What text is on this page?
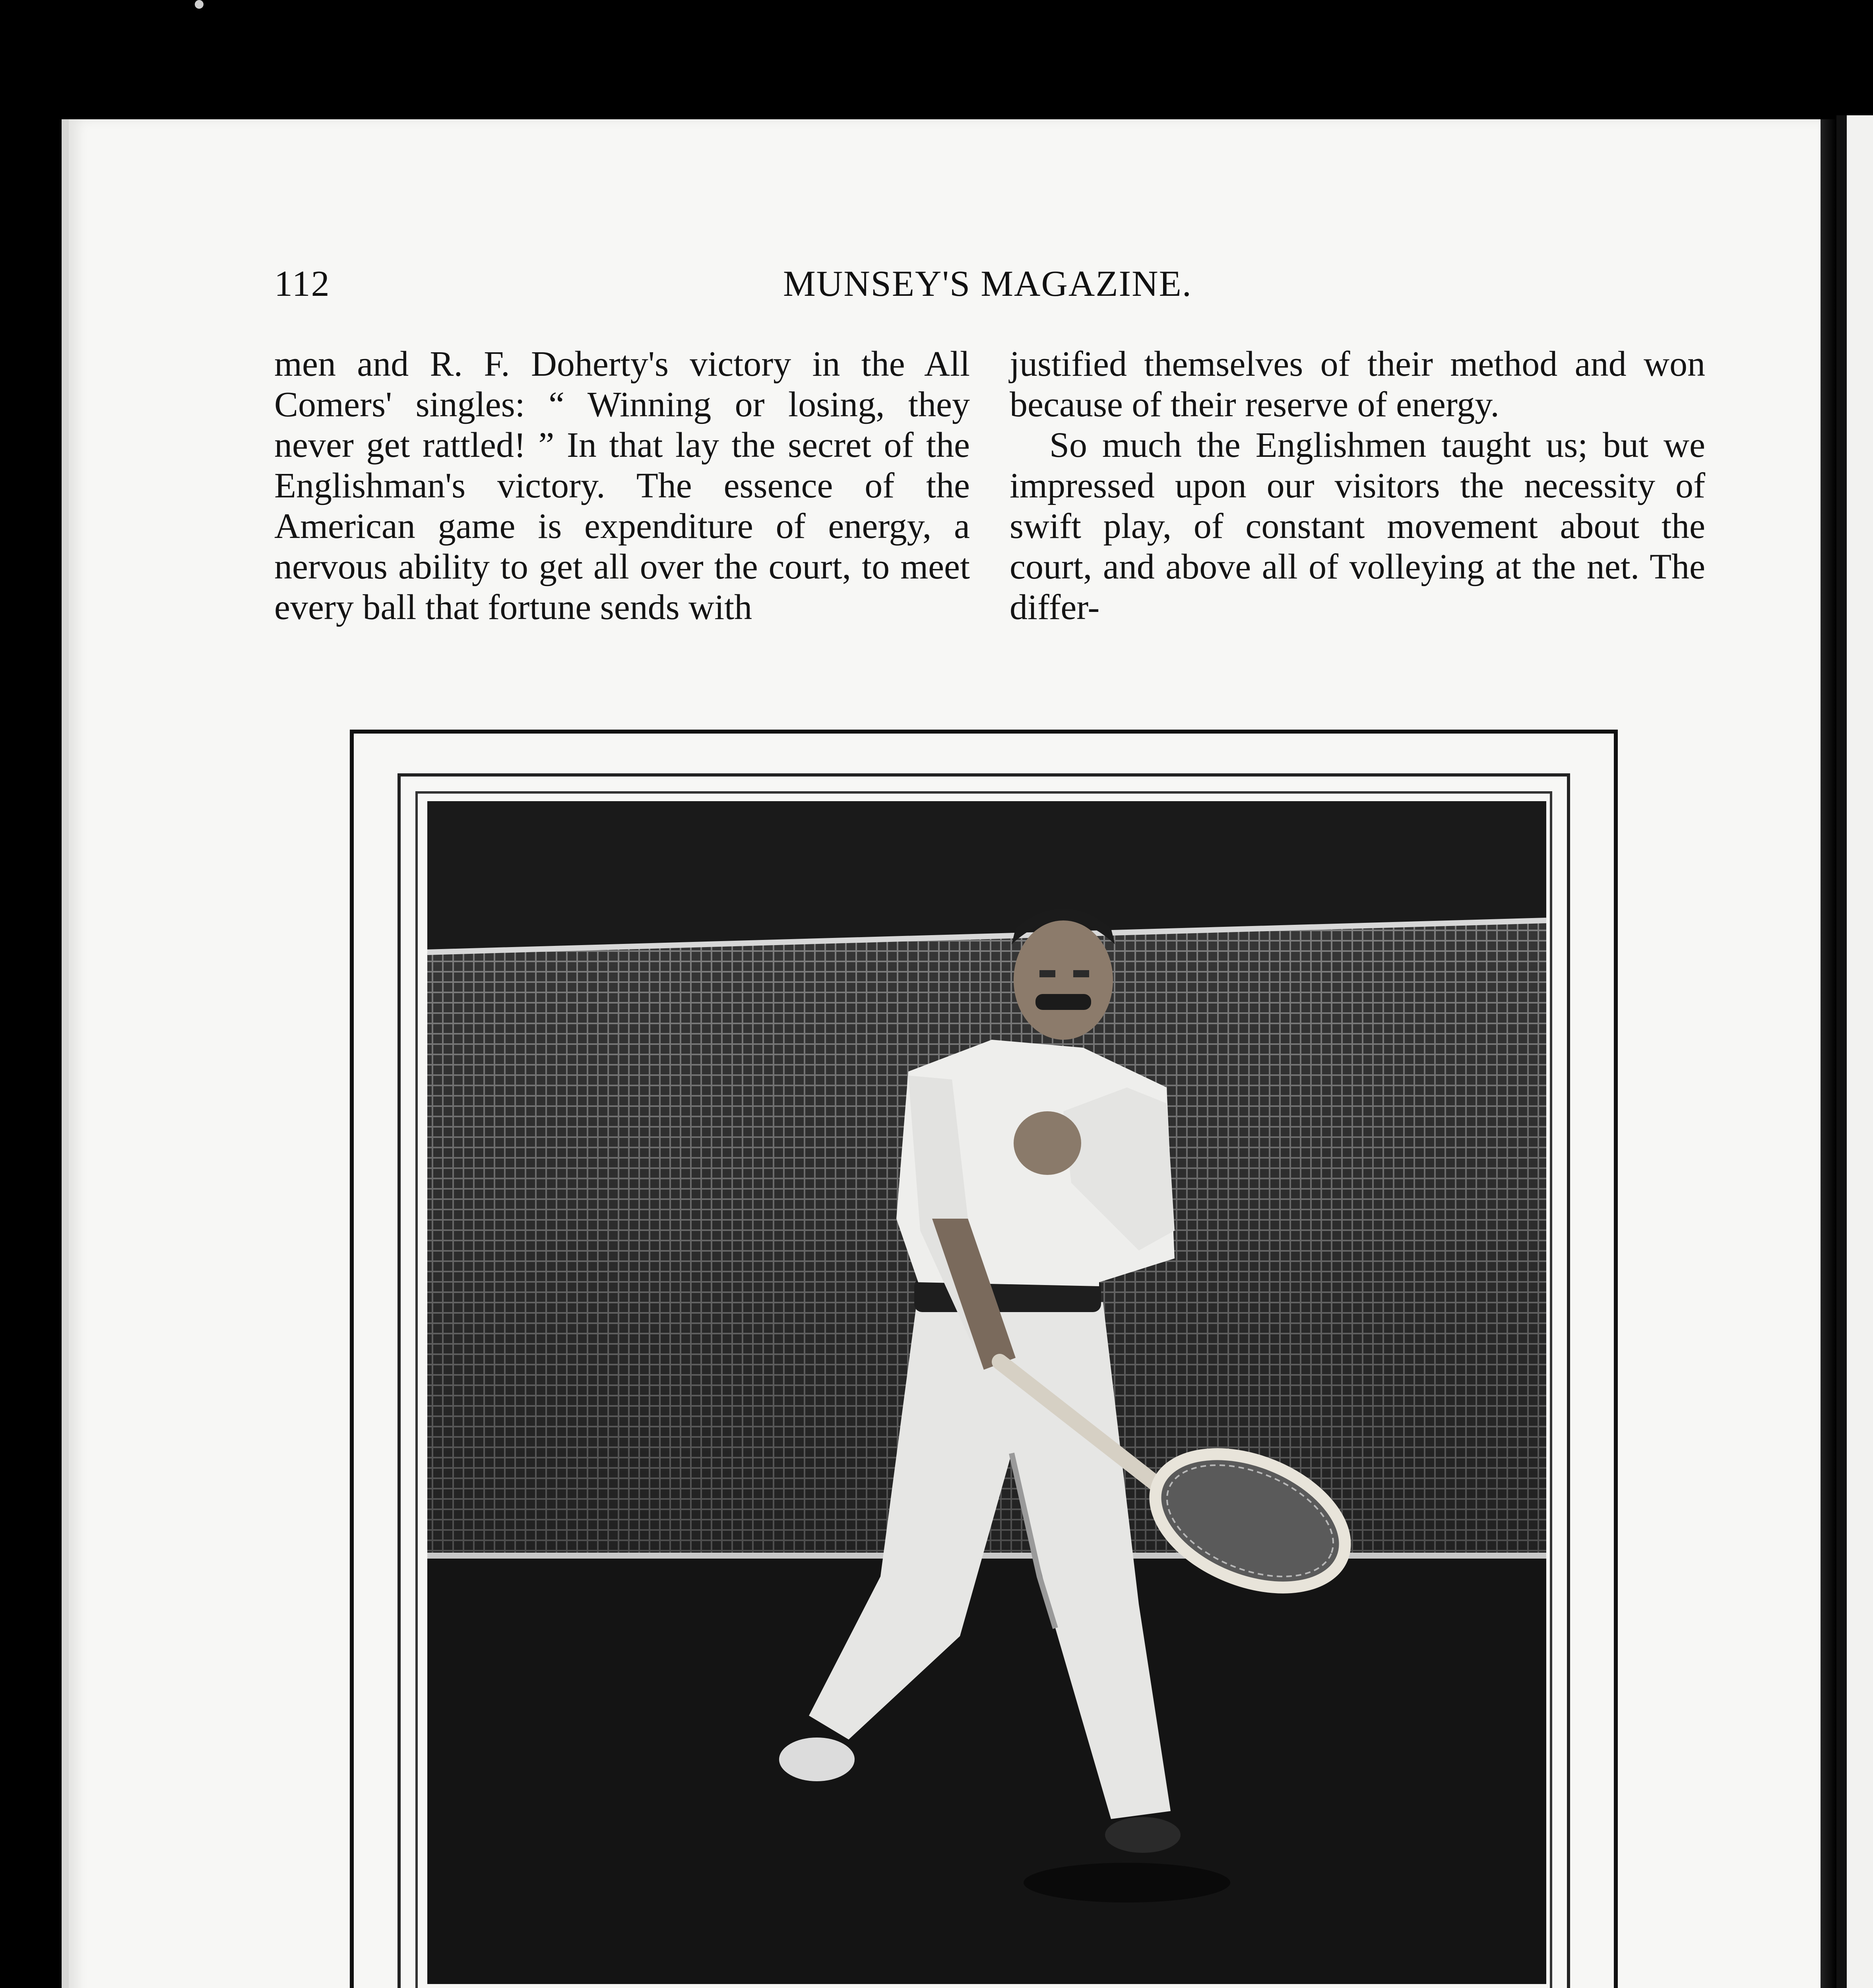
112	MUNSEY'S MAGAZINE.

men and R. F. Doherty's victory in the All Comers' singles: “ Winning or losing, they never get rattled! ” In that lay the secret of the Englishman's victory. The essence of the American game is expenditure of energy, a nervous ability to get all over the court, to meet every ball that fortune sends with

justified themselves of their method and won because of their reserve of energy.

So much the Englishmen taught us; but we impressed upon our visitors the necessity of swift play, of constant movement about the court, and above all of volleying at the net. The differ-
